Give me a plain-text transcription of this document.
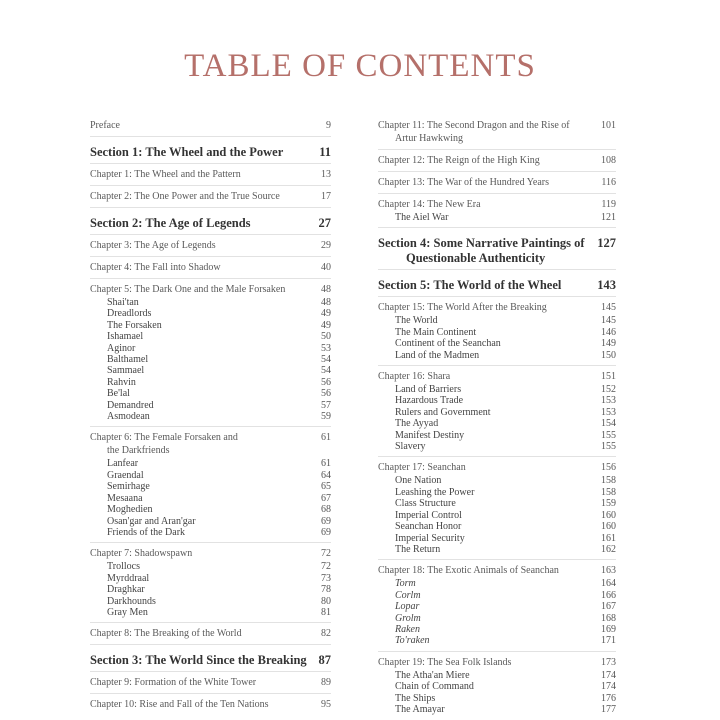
TABLE OF CONTENTS
Preface	9
Section 1: The Wheel and the Power	11
Chapter 1: The Wheel and the Pattern	13
Chapter 2: The One Power and the True Source	17
Section 2: The Age of Legends	27
Chapter 3: The Age of Legends	29
Chapter 4: The Fall into Shadow	40
Chapter 5: The Dark One and the Male Forsaken	48
Shai'tan	48
Dreadlords	49
The Forsaken	49
Ishamael	50
Aginor	53
Balthamel	54
Sammael	54
Rahvin	56
Be'lal	56
Demandred	57
Asmodean	59
Chapter 6: The Female Forsaken and	61
the Darkfriends
Lanfear	61
Graendal	64
Semirhage	65
Mesaana	67
Moghedien	68
Osan'gar and Aran'gar	69
Friends of the Dark	69
Chapter 7: Shadowspawn	72
Trollocs	72
Myrddraal	73
Draghkar	78
Darkhounds	80
Gray Men	81
Chapter 8: The Breaking of the World	82
Section 3: The World Since the Breaking 87
Chapter 9: Formation of the White Tower	89
Chapter 10: Rise and Fall of the Ten Nations	95
Chapter 11: The Second Dragon and the Rise of	101
Artur Hawkwing
Chapter 12: The Reign of the High King	108
Chapter 13: The War of the Hundred Years	116
Chapter 14: The New Era	119
The Aiel War	121
Section 4: Some Narrative Paintings of 127
Questionable Authenticity
Section 5: The World of the Wheel	143
Chapter 15: The World After the Breaking	145
The World	145
The Main Continent	146
Continent of the Seanchan	149
Land of the Madmen	150
Chapter 16: Shara	151
Land of Barriers	152
Hazardous Trade	153
Rulers and Government	153
The Ayyad	154
Manifest Destiny	155
Slavery	155
Chapter 17: Seanchan	156
One Nation	158
Leashing the Power	158
Class Structure	159
Imperial Control	160
Seanchan Honor	160
Imperial Security	161
The Return	162
Chapter 18: The Exotic Animals of Seanchan	163
Torm	164
Corlm	166
Lopar	167
Grolm	168
Raken	169
To'raken	171
Chapter 19: The Sea Folk Islands	173
The Atha'an Miere	174
Chain of Command	174
The Ships	176
The Amayar	177
